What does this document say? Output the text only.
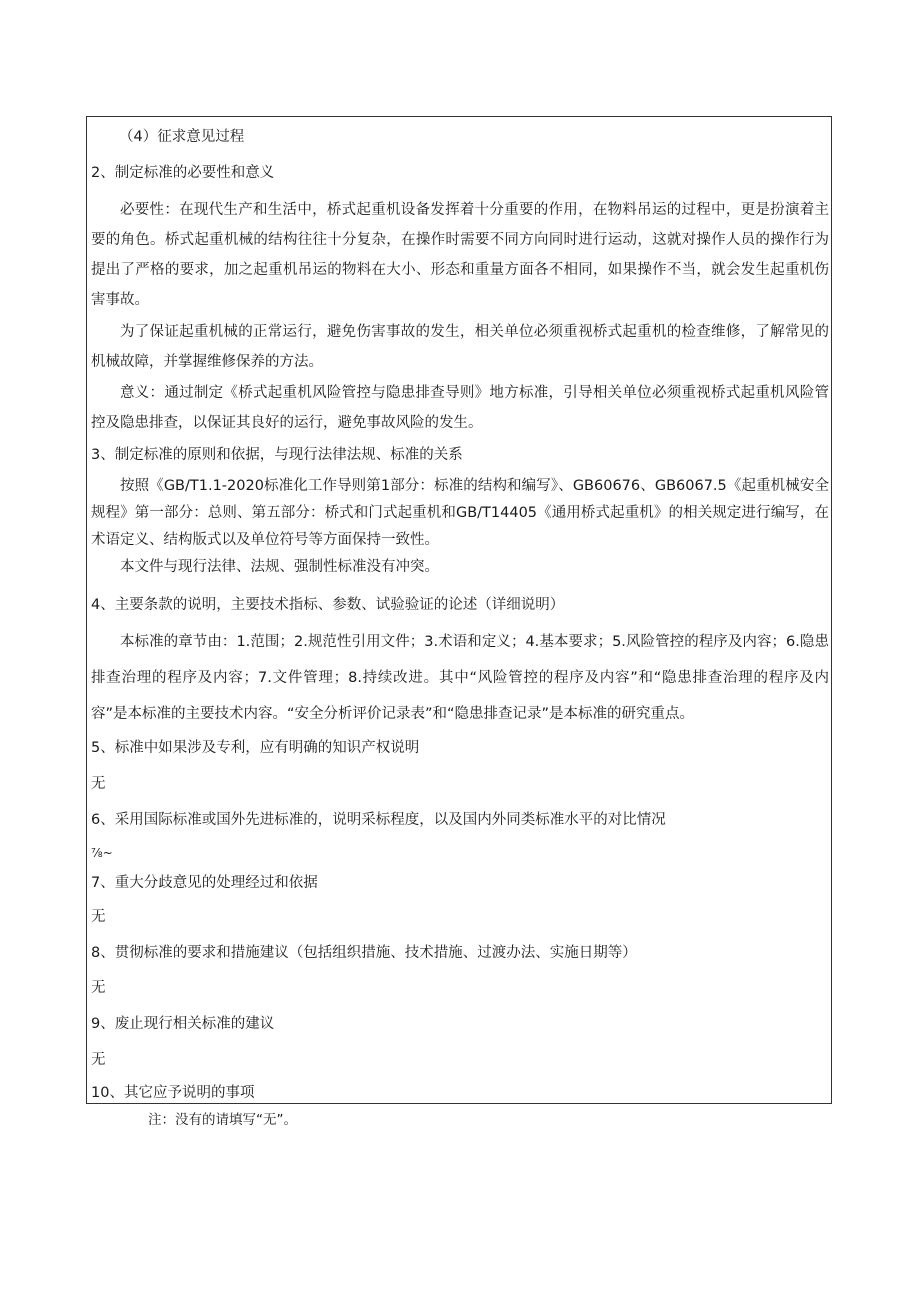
（4）征求意见过程
2、制定标准的必要性和意义
必要性：在现代生产和生活中，桥式起重机设备发挥着十分重要的作用，在物料吊运的过程中，更是扮演着主要的角色。桥式起重机械的结构往往十分复杂，在操作时需要不同方向同时进行运动，这就对操作人员的操作行为提出了严格的要求，加之起重机吊运的物料在大小、形态和重量方面各不相同，如果操作不当，就会发生起重机伤害事故。
为了保证起重机械的正常运行，避免伤害事故的发生，相关单位必须重视桥式起重机的检查维修，了解常见的机械故障，并掌握维修保养的方法。
意义：通过制定《桥式起重机风险管控与隐患排查导则》地方标准，引导相关单位必须重视桥式起重机风险管控及隐患排查，以保证其良好的运行，避免事故风险的发生。
3、制定标准的原则和依据，与现行法律法规、标准的关系
按照《GB/T1.1-2020标准化工作导则第1部分：标准的结构和编写》、GB60676、GB6067.5《起重机械安全规程》第一部分：总则、第五部分：桥式和门式起重机和GB/T14405《通用桥式起重机》的相关规定进行编写，在术语定义、结构版式以及单位符号等方面保持一致性。
本文件与现行法律、法规、强制性标准没有冲突。
4、主要条款的说明，主要技术指标、参数、试验验证的论述（详细说明）
本标准的章节由：1.范围；2.规范性引用文件；3.术语和定义；4.基本要求；5.风险管控的程序及内容；6.隐患排查治理的程序及内容；7.文件管理；8.持续改进。其中“风险管控的程序及内容”和“隐患排查治理的程序及内容”是本标准的主要技术内容。“安全分析评价记录表”和“隐患排查记录”是本标准的研究重点。
5、标准中如果涉及专利，应有明确的知识产权说明
无
6、采用国际标准或国外先进标准的，说明采标程度，以及国内外同类标准水平的对比情况
⅞~
7、重大分歧意见的处理经过和依据
无
8、贯彻标准的要求和措施建议（包括组织措施、技术措施、过渡办法、实施日期等）
无
9、废止现行相关标准的建议
无
10、其它应予说明的事项
注：没有的请填写“无”。
